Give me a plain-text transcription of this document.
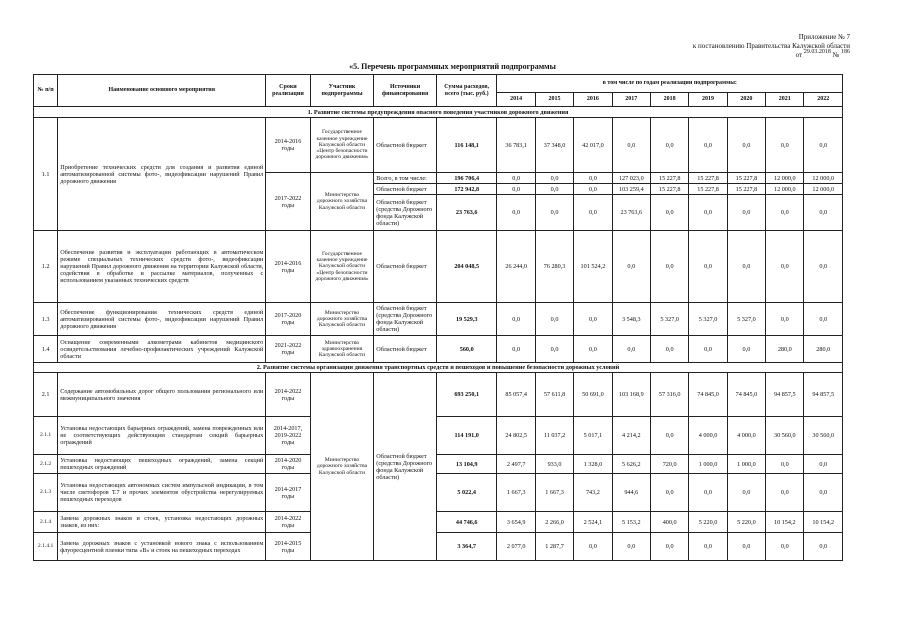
Приложение № 7
к постановлению Правительства Калужской области
от 29.03.2018 № 186
«5. Перечень программных мероприятий подпрограммы
№ п/п	Наименование основного мероприятия	Сроки реализации	Участник подпрограммы	Источники финансирования	Сумма расходов, всего (тыс. руб.)	в том числе по годам реализации подпрограммы:								
						2014	2015	2016	2017	2018	2019	2020	2021	2022
1. Развитие системы предупреждения опасного поведения участников дорожного движения														
1.1	Приобретение технических средств для создания и развития единой автоматизированной системы фото-, видеофиксации нарушений Правил дорожного движения	2014-2016 годы	Государственное казенное учреждение Калужской области «Центр безопасности дорожного движения»	Областной бюджет	116 148,1	36 783,1	37 348,0	42 017,0	0,0	0,0	0,0	0,0	0,0	0,0
		2017-2022 годы	Министерство дорожного хозяйства Калужской области	Всего, в том числе:	196 706,4	0,0	0,0	0,0	127 023,0	15 227,8	15 227,8	15 227,8	12 000,0	12 000,0
				Областной бюджет	172 942,8	0,0	0,0	0,0	103 259,4	15 227,8	15 227,8	15 227,8	12 000,0	12 000,0
				Областной бюджет (средства Дорожного фонда Калужской области)	23 763,6	0,0	0,0	0,0	23 763,6	0,0	0,0	0,0	0,0	0,0
1.2	Обеспечение развития и эксплуатации работающих в автоматическом режиме специальных технических средств фото-, видеофиксации нарушений Правил дорожного движения на территории Калужской области, содействия в обработке и рассылке материалов, полученных с использованием указанных технических средств	2014-2016 годы	Государственное казенное учреждение Калужской области «Центр безопасности дорожного движения»	Областной бюджет	204 048,5	26 244,0	76 280,3	101 524,2	0,0	0,0	0,0	0,0	0,0	0,0
1.3	Обеспечение функционирования технических средств единой автоматизированной системы фото-, видеофиксации нарушений Правил дорожного движения	2017-2020 годы	Министерство дорожного хозяйства Калужской области	Областной бюджет (средства Дорожного фонда Калужской области)	19 529,3	0,0	0,0	0,0	3 548,3	5 327,0	5 327,0	5 327,0	0,0	0,0
1.4	Оснащение современными алкометрами кабинетов медицинского освидетельствования лечебно-профилактических учреждений Калужской области	2021-2022 годы	Министерство здравоохранения Калужской области	Областной бюджет	560,0	0,0	0,0	0,0	0,0	0,0	0,0	0,0	280,0	280,0
2. Развитие системы организации движения транспортных средств и пешеходов и повышение безопасности дорожных условий														
2.1	Содержание автомобильных дорог общего пользования регионального или межмуниципального значения	2014-2022 годы	Министерство дорожного хозяйства Калужской области	Областной бюджет (средства Дорожного фонда Калужской области)	693 250,1	85 057,4	57 611,8	50 691,0	103 168,9	57 316,0	74 845,0	74 845,0	94 857,5	94 857,5
2.1.1	Установка недостающих барьерных ограждений, замена поврежденных или не соответствующих действующим стандартам секций барьерных ограждений	2014-2017, 2019-2022 годы			114 191,0	24 802,5	11 037,2	5 017,1	4 214,2	0,0	4 000,0	4 000,0	30 560,0	30 560,0
2.1.2	Установка недостающих пешеходных ограждений, замена секций пешеходных ограждений	2014-2020 годы			13 104,9	2 497,7	933,0	1 328,0	5 626,2	720,0	1 000,0	1 000,0	0,0	0,0
2.1.3	Установка недостающих автономных систем импульсной индикации, в том числе светофоров Т.7 и прочих элементов обустройства нерегулируемых пешеходных переходов	2014-2017 годы			5 022,4	1 667,3	1 667,3	743,2	944,6	0,0	0,0	0,0	0,0	0,0
2.1.4	Замена дорожных знаков и стоек, установка недостающих дорожных знаков, из них:	2014-2022 годы			44 746,6	3 654,9	2 266,0	2 524,1	5 153,2	400,0	5 220,0	5 220,0	10 154,2	10 154,2
2.1.4.1	Замена дорожных знаков с установкой нового знака с использованием флуоресцентной пленки типа «В» и стоек на пешеходных переходах	2014-2015 годы			3 364,7	2 077,0	1 287,7	0,0	0,0	0,0	0,0	0,0	0,0	0,0
